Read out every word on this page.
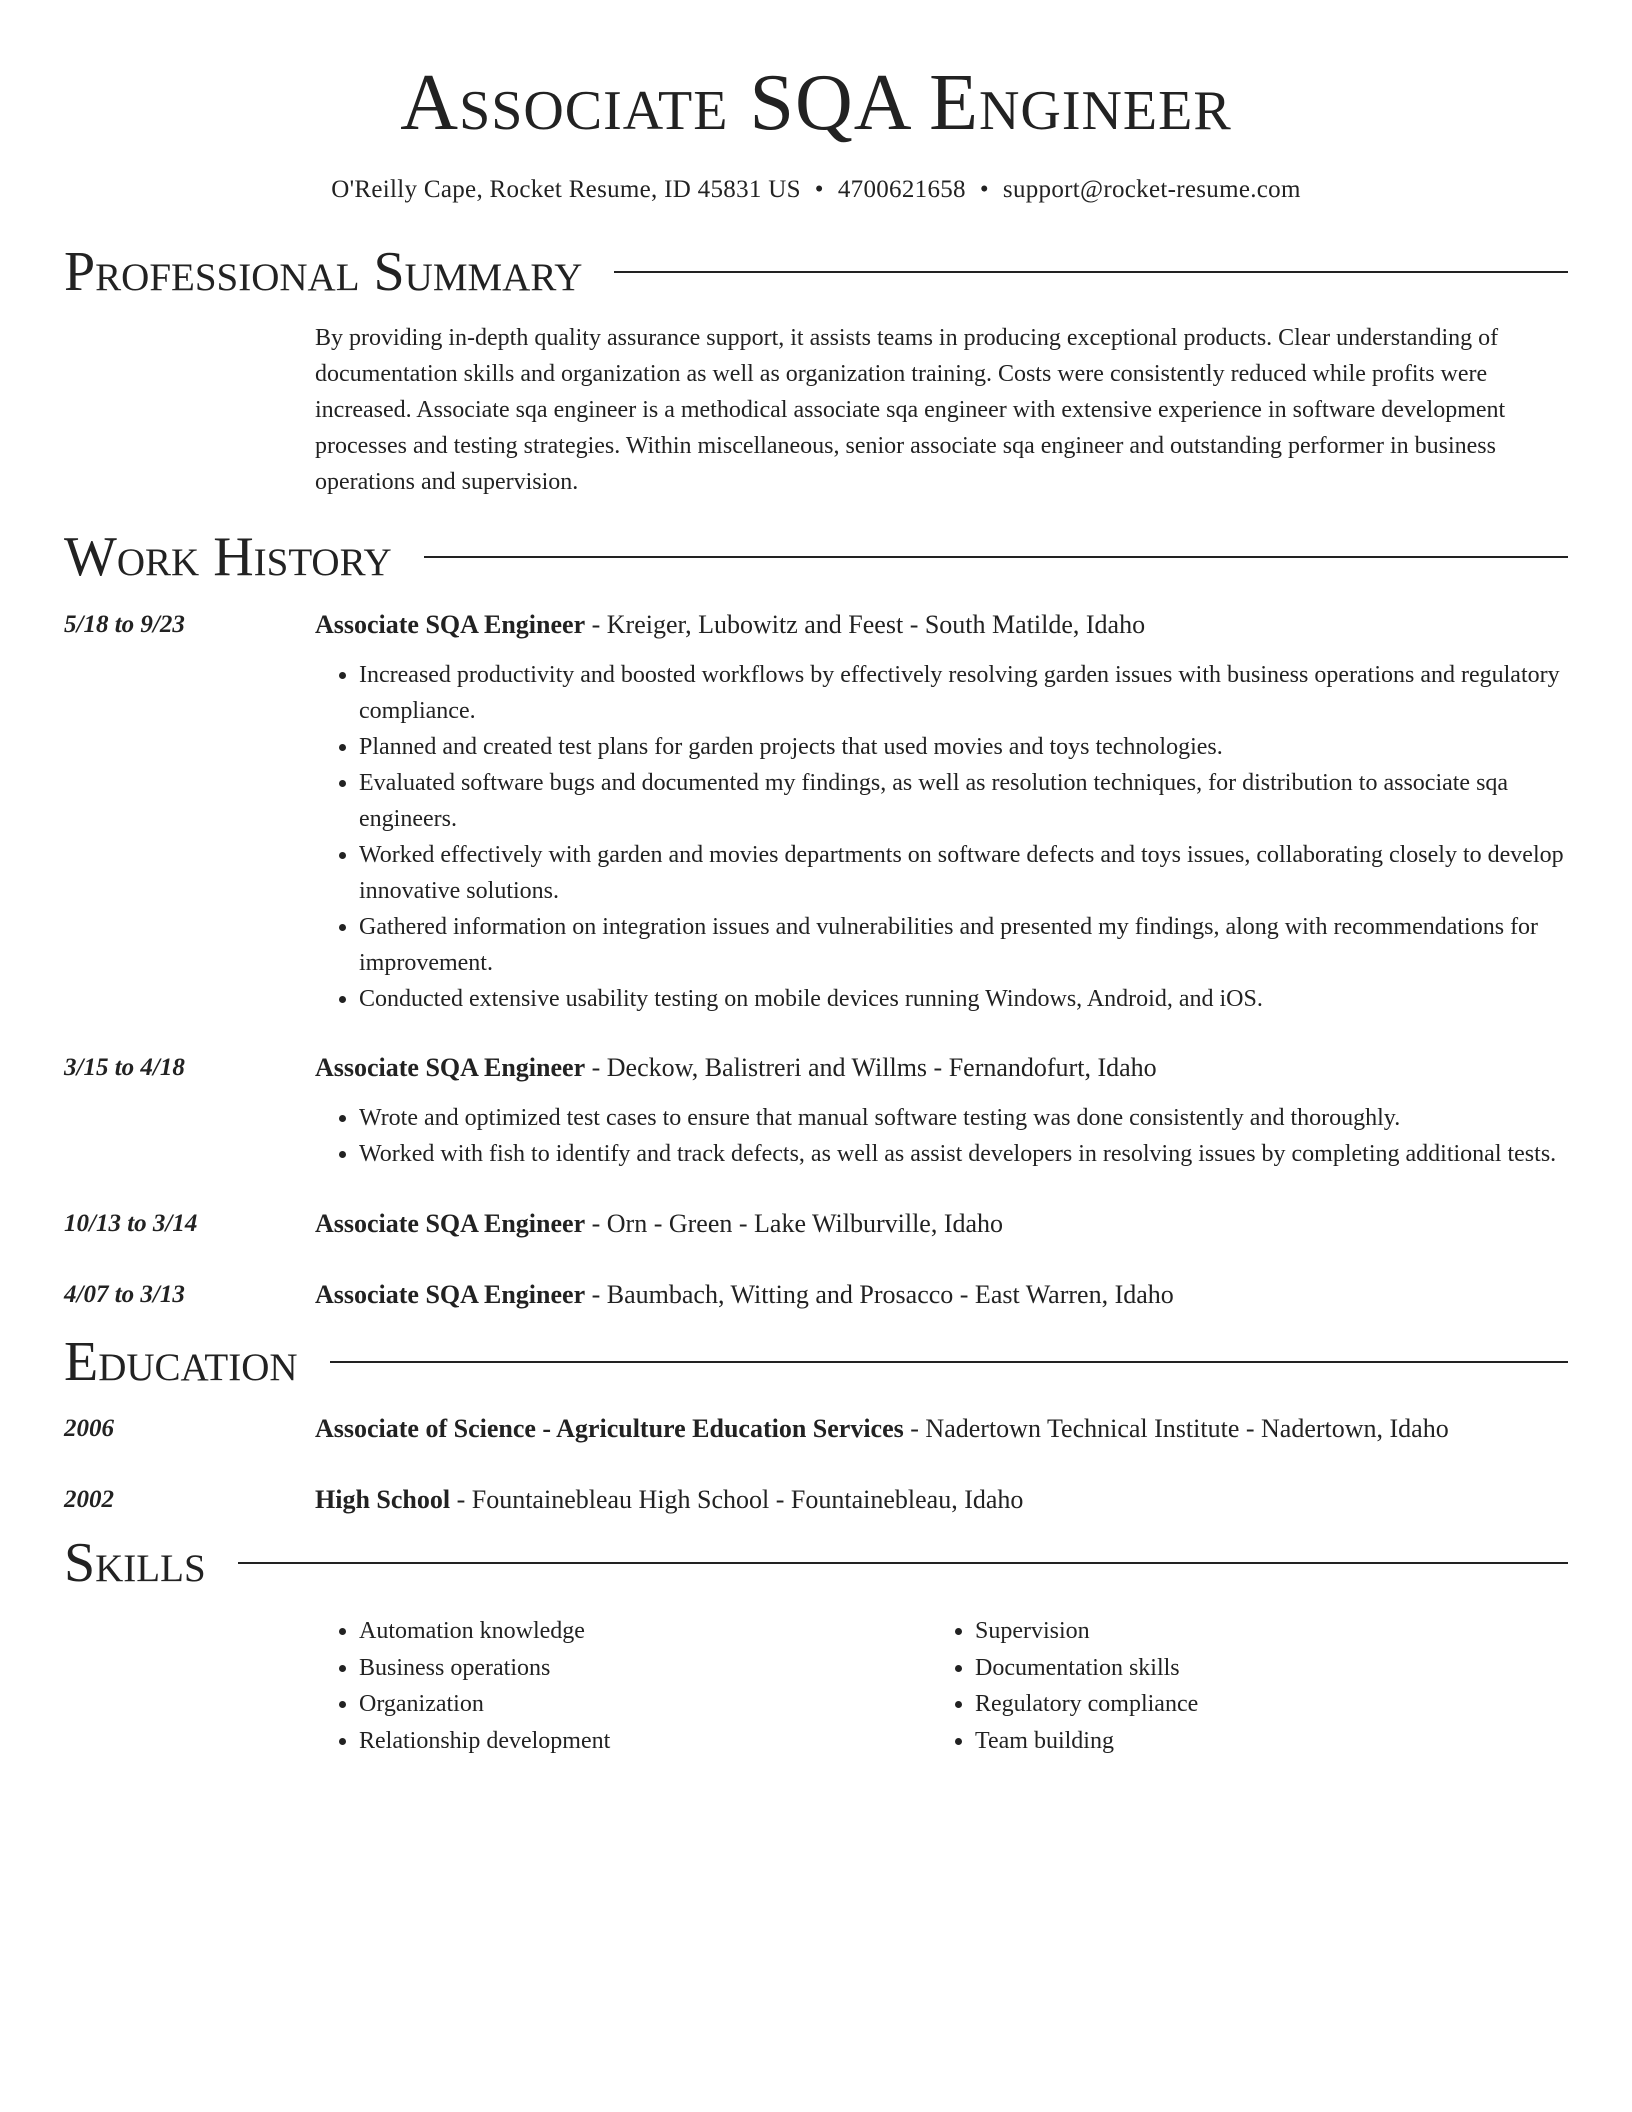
Associate SQA Engineer
O'Reilly Cape, Rocket Resume, ID 45831 US • 4700621658 • support@rocket-resume.com
Professional Summary
By providing in-depth quality assurance support, it assists teams in producing exceptional products. Clear understanding of documentation skills and organization as well as organization training. Costs were consistently reduced while profits were increased. Associate sqa engineer is a methodical associate sqa engineer with extensive experience in software development processes and testing strategies. Within miscellaneous, senior associate sqa engineer and outstanding performer in business operations and supervision.
Work History
5/18 to 9/23	Associate SQA Engineer - Kreiger, Lubowitz and Feest - South Matilde, Idaho
• Increased productivity and boosted workflows by effectively resolving garden issues with business operations and regulatory compliance.
• Planned and created test plans for garden projects that used movies and toys technologies.
• Evaluated software bugs and documented my findings, as well as resolution techniques, for distribution to associate sqa engineers.
• Worked effectively with garden and movies departments on software defects and toys issues, collaborating closely to develop innovative solutions.
• Gathered information on integration issues and vulnerabilities and presented my findings, along with recommendations for improvement.
• Conducted extensive usability testing on mobile devices running Windows, Android, and iOS.
3/15 to 4/18	Associate SQA Engineer - Deckow, Balistreri and Willms - Fernandofurt, Idaho
• Wrote and optimized test cases to ensure that manual software testing was done consistently and thoroughly.
• Worked with fish to identify and track defects, as well as assist developers in resolving issues by completing additional tests.
10/13 to 3/14	Associate SQA Engineer - Orn - Green - Lake Wilburville, Idaho
4/07 to 3/13	Associate SQA Engineer - Baumbach, Witting and Prosacco - East Warren, Idaho
Education
2006	Associate of Science - Agriculture Education Services - Nadertown Technical Institute - Nadertown, Idaho
2002	High School - Fountainebleau High School - Fountainebleau, Idaho
Skills
• Automation knowledge
• Business operations
• Organization
• Relationship development
• Supervision
• Documentation skills
• Regulatory compliance
• Team building
